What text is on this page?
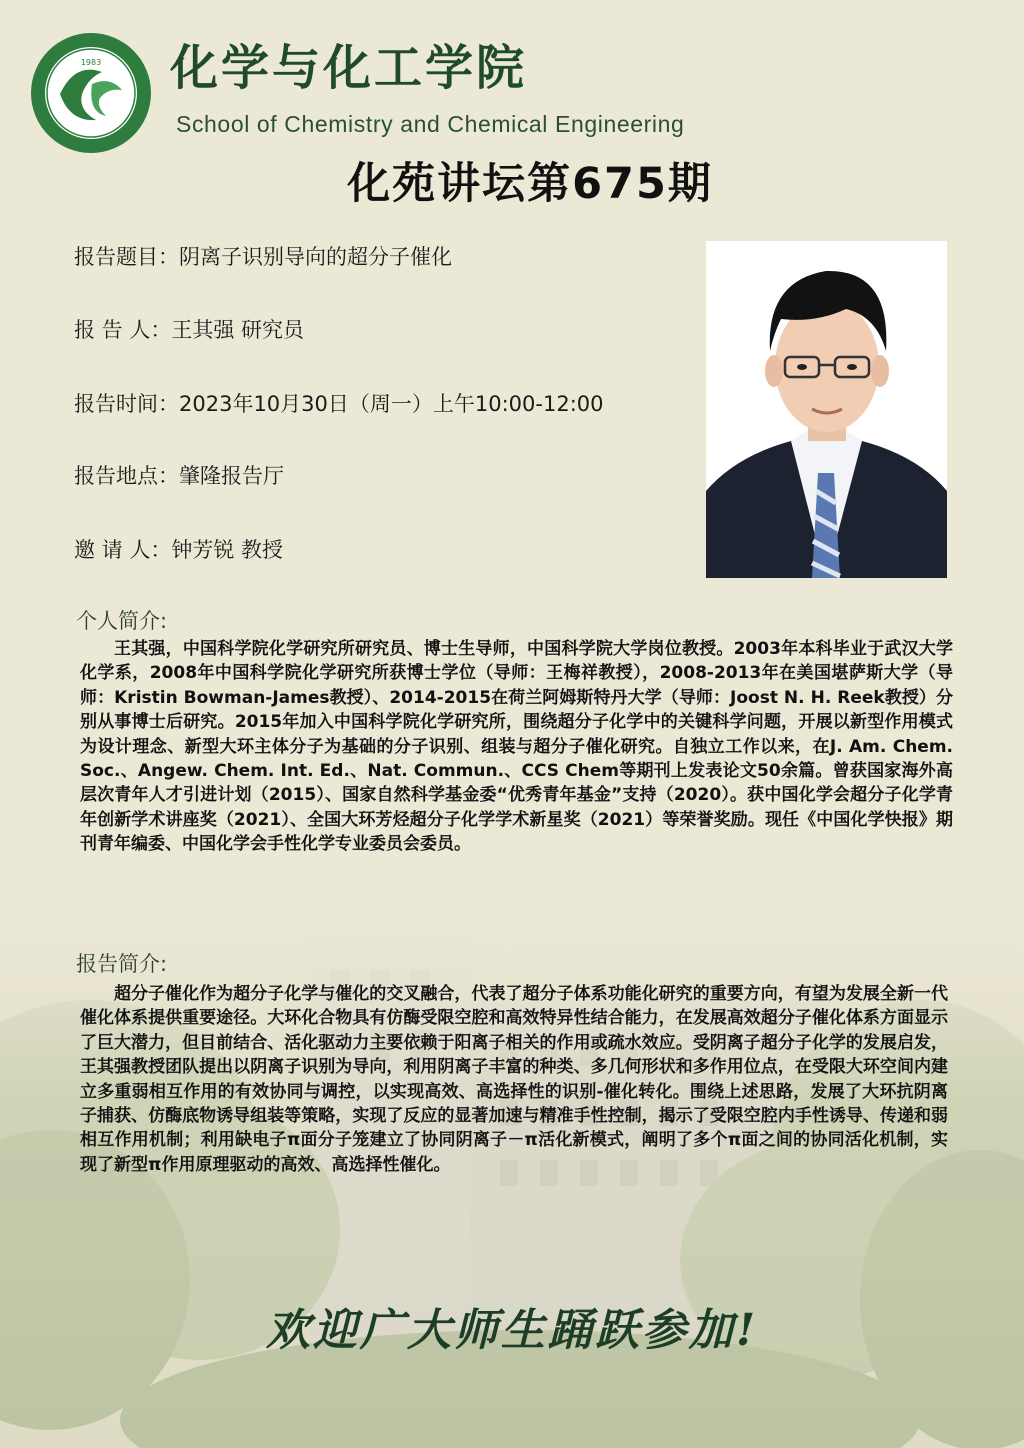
1983 化学与化工学院
School of Chemistry and Chemical Engineering
化苑讲坛第675期
报告题目：阴离子识别导向的超分子催化
报 告 人：王其强 研究员
报告时间：2023年10月30日（周一）上午10:00-12:00
报告地点：肇隆报告厅
邀 请 人：钟芳锐 教授
个人简介:
王其强，中国科学院化学研究所研究员、博士生导师，中国科学院大学岗位教授。2003年本科毕业于武汉大学化学系，2008年中国科学院化学研究所获博士学位（导师：王梅祥教授），2008-2013年在美国堪萨斯大学（导师：Kristin Bowman-James教授）、2014-2015在荷兰阿姆斯特丹大学（导师：Joost N. H. Reek教授）分别从事博士后研究。2015年加入中国科学院化学研究所，围绕超分子化学中的关键科学问题，开展以新型作用模式为设计理念、新型大环主体分子为基础的分子识别、组装与超分子催化研究。自独立工作以来，在J. Am. Chem. Soc.、Angew. Chem. Int. Ed.、Nat. Commun.、CCS Chem等期刊上发表论文50余篇。曾获国家海外高层次青年人才引进计划（2015）、国家自然科学基金委“优秀青年基金”支持（2020）。获中国化学会超分子化学青年创新学术讲座奖（2021）、全国大环芳烃超分子化学学术新星奖（2021）等荣誉奖励。现任《中国化学快报》期刊青年编委、中国化学会手性化学专业委员会委员。
报告简介:
超分子催化作为超分子化学与催化的交叉融合，代表了超分子体系功能化研究的重要方向，有望为发展全新一代催化体系提供重要途径。大环化合物具有仿酶受限空腔和高效特异性结合能力，在发展高效超分子催化体系方面显示了巨大潜力，但目前结合、活化驱动力主要依赖于阳离子相关的作用或疏水效应。受阴离子超分子化学的发展启发，王其强教授团队提出以阴离子识别为导向，利用阴离子丰富的种类、多几何形状和多作用位点，在受限大环空间内建立多重弱相互作用的有效协同与调控，以实现高效、高选择性的识别-催化转化。围绕上述思路，发展了大环抗阴离子捕获、仿酶底物诱导组装等策略，实现了反应的显著加速与精准手性控制，揭示了受限空腔内手性诱导、传递和弱相互作用机制；利用缺电子π面分子笼建立了协同阴离子－π活化新模式，阐明了多个π面之间的协同活化机制，实现了新型π作用原理驱动的高效、高选择性催化。
欢迎广大师生踊跃参加!
